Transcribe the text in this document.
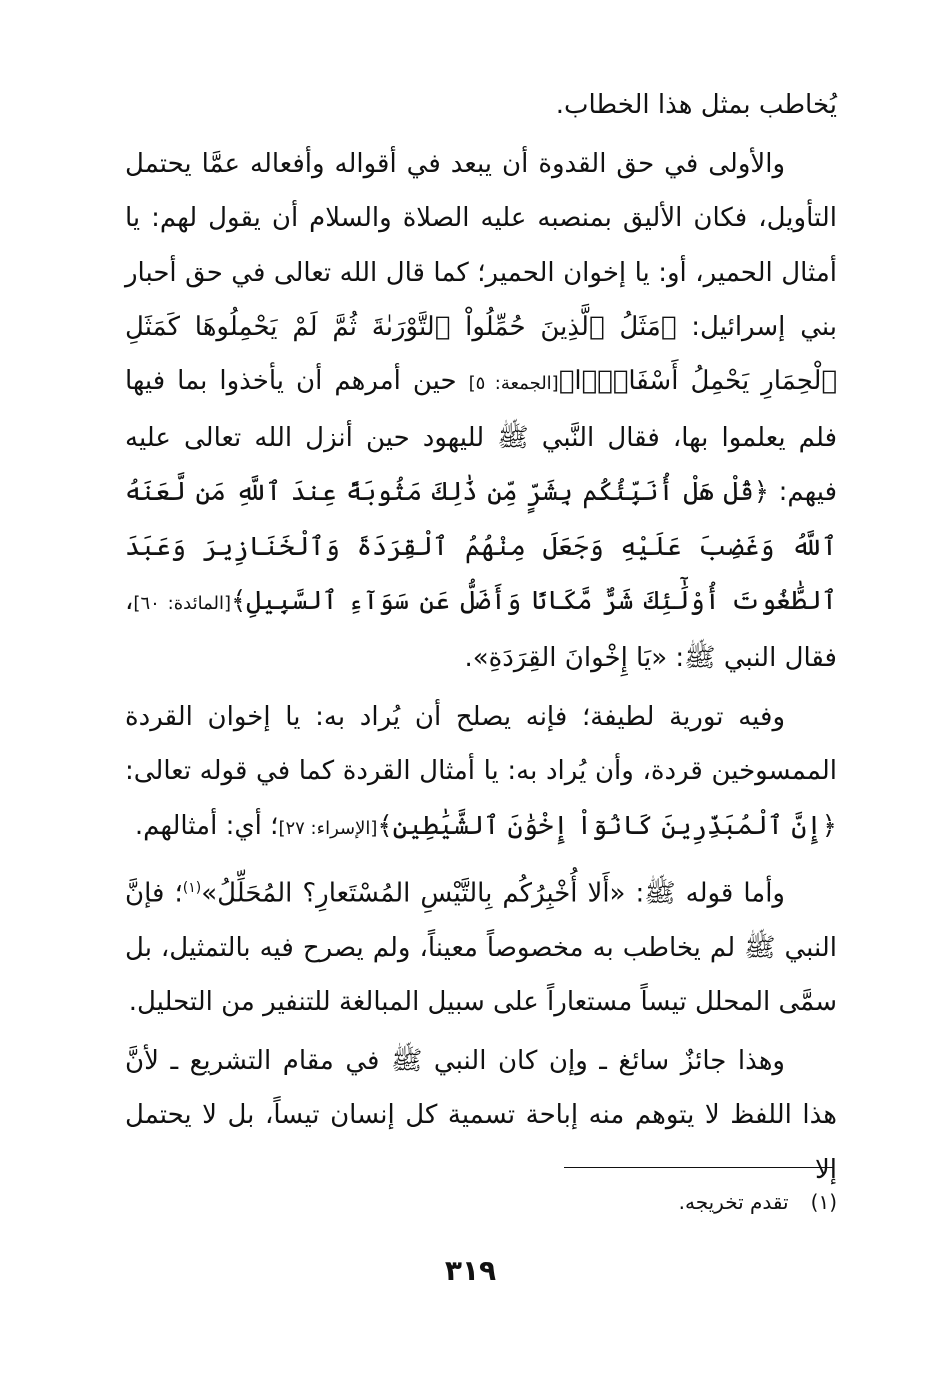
يُخاطب بمثل هذا الخطاب.

والأولى في حق القدوة أن يبعد في أقواله وأفعاله عمَّا يحتمل التأويل، فكان الأليق بمنصبه عليه الصلاة والسلام أن يقول لهم: يا أمثال الحمير، أو: يا إخوان الحمير؛ كما قال الله تعالى في حق أحبار بني إسرائيل: ﴿مَثَلُ ٱلَّذِينَ حُمِّلُواْ ٱلتَّوْرَىٰةَ ثُمَّ لَمْ يَحْمِلُوهَا كَمَثَلِ ٱلْحِمَارِ يَحْمِلُ أَسْفَارًۢا﴾[الجمعة: ٥] حين أمرهم أن يأخذوا بما فيها فلم يعلموا بها، فقال النَّبي ﷺ لليهود حين أنزل الله تعالى عليه فيهم: ﴿قُلْ هَلْ أُنَبِّئُكُم بِشَرٍّ مِّن ذَٰلِكَ مَثُوبَةً عِندَ ٱللَّهِ مَن لَّعَنَهُ ٱللَّهُ وَغَضِبَ عَلَيْهِ وَجَعَلَ مِنْهُمُ ٱلْقِرَدَةَ وَٱلْخَنَازِيرَ وَعَبَدَ ٱلطَّٰغُوتَ أُوْلَٰٓئِكَ شَرٌّ مَّكَانًا وَأَضَلُّ عَن سَوَآءِ ٱلسَّبِيلِ﴾[المائدة: ٦٠]، فقال النبي ﷺ: «يَا إِخْوانَ القِرَدَةِ».

وفيه تورية لطيفة؛ فإنه يصلح أن يُراد به: يا إخوان القردة الممسوخين قردة، وأن يُراد به: يا أمثال القردة كما في قوله تعالى: ﴿إِنَّ ٱلْمُبَذِّرِينَ كَانُوٓاْ إِخْوَٰنَ ٱلشَّيَٰطِينِ﴾[الإسراء: ٢٧]؛ أي: أمثالهم.

وأما قوله ﷺ: «أَلا أُخْبِرُكُم بِالتَّيْسِ المُسْتَعارِ؟ المُحَلِّلُ»$^{(١)}$؛ فإنَّ النبي ﷺ لم يخاطب به مخصوصاً معيناً، ولم يصرح فيه بالتمثيل، بل سمَّى المحلل تيساً مستعاراً على سبيل المبالغة للتنفير من التحليل.

وهذا جائزٌ سائغ ـ وإن كان النبي ﷺ في مقام التشريع ـ لأنَّ هذا اللفظ لا يتوهم منه إباحة تسمية كل إنسان تيساً، بل لا يحتمل إلا

(١)تقدم تخريجه.
٣١٩
